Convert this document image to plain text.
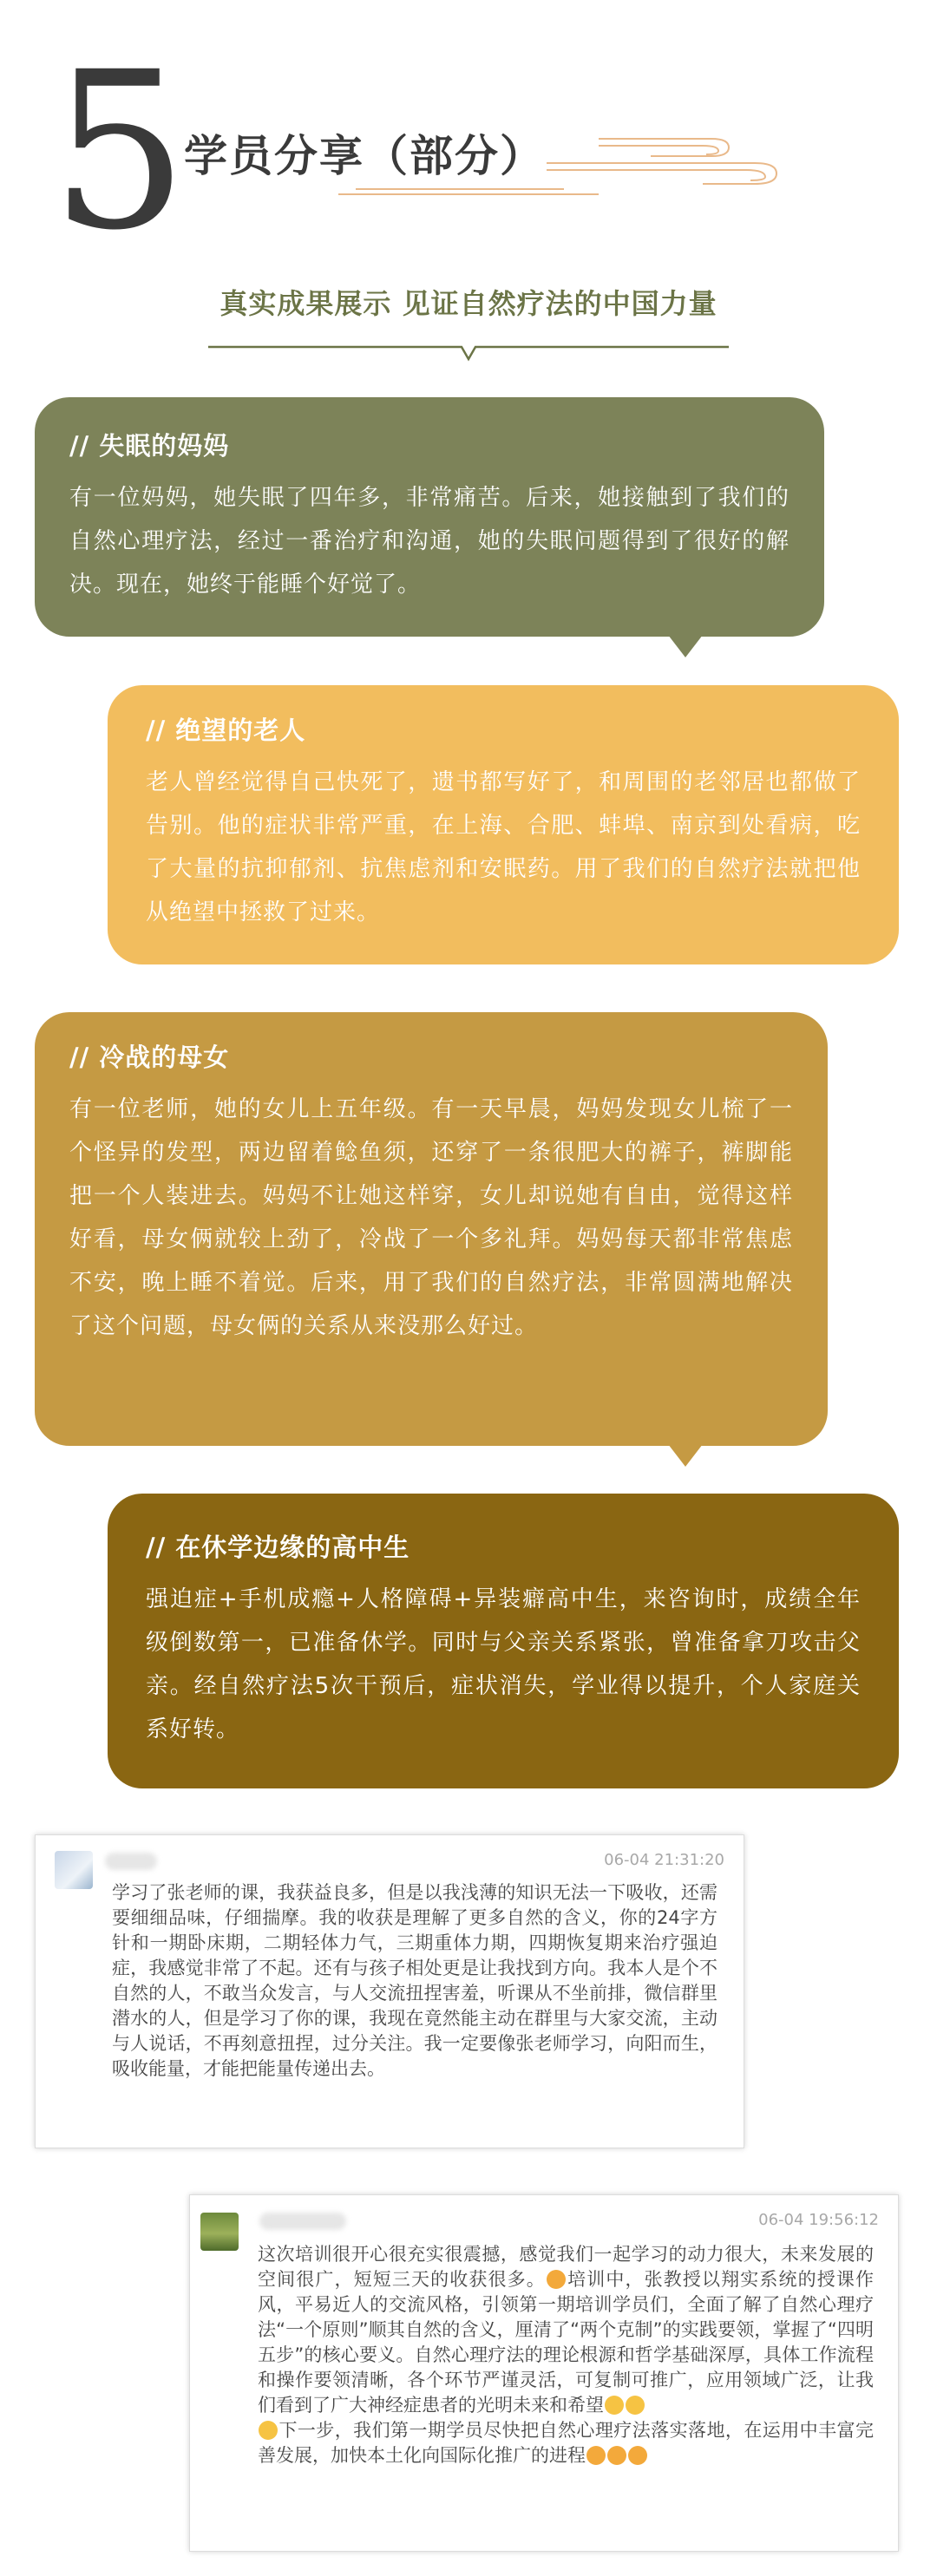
5
学员分享（部分）
真实成果展示 见证自然疗法的中国力量
// 失眠的妈妈
有一位妈妈，她失眠了四年多，非常痛苦。后来，她接触到了我们的自然心理疗法，经过一番治疗和沟通，她的失眠问题得到了很好的解决。现在，她终于能睡个好觉了。
// 绝望的老人
老人曾经觉得自己快死了，遗书都写好了，和周围的老邻居也都做了告别。他的症状非常严重，在上海、合肥、蚌埠、南京到处看病，吃了大量的抗抑郁剂、抗焦虑剂和安眠药。用了我们的自然疗法就把他从绝望中拯救了过来。
// 冷战的母女
有一位老师，她的女儿上五年级。有一天早晨，妈妈发现女儿梳了一个怪异的发型，两边留着鲶鱼须，还穿了一条很肥大的裤子，裤脚能把一个人装进去。妈妈不让她这样穿，女儿却说她有自由，觉得这样好看，母女俩就较上劲了，冷战了一个多礼拜。妈妈每天都非常焦虑不安，晚上睡不着觉。后来，用了我们的自然疗法，非常圆满地解决了这个问题，母女俩的关系从来没那么好过。
// 在休学边缘的高中生
强迫症+手机成瘾+人格障碍+异装癖高中生，来咨询时，成绩全年级倒数第一，已准备休学。同时与父亲关系紧张，曾准备拿刀攻击父亲。经自然疗法5次干预后，症状消失，学业得以提升，个人家庭关系好转。
06-04 21:31:20
学习了张老师的课，我获益良多，但是以我浅薄的知识无法一下吸收，还需要细细品味，仔细揣摩。我的收获是理解了更多自然的含义，你的24字方针和一期卧床期，二期轻体力气，三期重体力期，四期恢复期来治疗强迫症，我感觉非常了不起。还有与孩子相处更是让我找到方向。我本人是个不自然的人，不敢当众发言，与人交流扭捏害羞，听课从不坐前排，微信群里潜水的人，但是学习了你的课，我现在竟然能主动在群里与大家交流，主动与人说话，不再刻意扭捏，过分关注。我一定要像张老师学习，向阳而生，吸收能量，才能把能量传递出去。
06-04 19:56:12
这次培训很开心很充实很震撼，感觉我们一起学习的动力很大，未来发展的空间很广，短短三天的收获很多。 培训中，张教授以翔实系统的授课作风，平易近人的交流风格，引领第一期培训学员们，全面了解了自然心理疗法“一个原则”顺其自然的含义，厘清了“两个克制”的实践要领，掌握了“四明五步”的核心要义。自然心理疗法的理论根源和哲学基础深厚，具体工作流程和操作要领清晰，各个环节严谨灵活，可复制可推广，应用领域广泛，让我们看到了广大神经症患者的光明未来和希望
下一步，我们第一期学员尽快把自然心理疗法落实落地，在运用中丰富完善发展，加快本土化向国际化推广的进程
